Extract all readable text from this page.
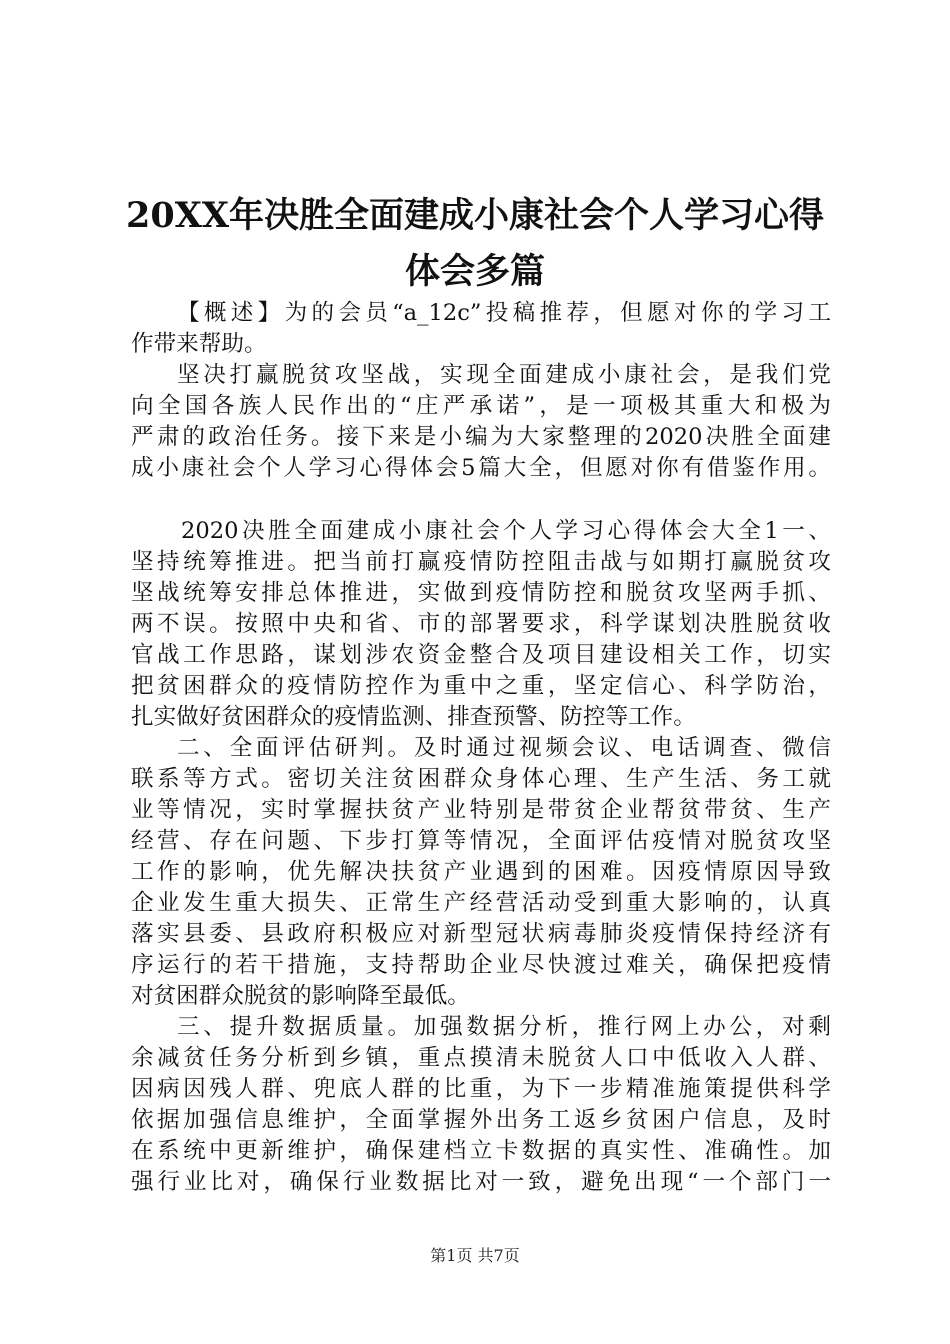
20XX年决胜全面建成小康社会个人学习心得
体会多篇
【概述】为的会员“a_12c”投稿推荐，但愿对你的学习工
作带来帮助。
坚决打赢脱贫攻坚战，实现全面建成小康社会，是我们党
向全国各族人民作出的“庄严承诺”，是一项极其重大和极为
严肃的政治任务。接下来是小编为大家整理的2020决胜全面建
成小康社会个人学习心得体会5篇大全，但愿对你有借鉴作用。
2020决胜全面建成小康社会个人学习心得体会大全1一、
坚持统筹推进。把当前打赢疫情防控阻击战与如期打赢脱贫攻
坚战统筹安排总体推进，实做到疫情防控和脱贫攻坚两手抓、
两不误。按照中央和省、市的部署要求，科学谋划决胜脱贫收
官战工作思路，谋划涉农资金整合及项目建设相关工作，切实
把贫困群众的疫情防控作为重中之重，坚定信心、科学防治，
扎实做好贫困群众的疫情监测、排查预警、防控等工作。
二、全面评估研判。及时通过视频会议、电话调查、微信
联系等方式。密切关注贫困群众身体心理、生产生活、务工就
业等情况，实时掌握扶贫产业特别是带贫企业帮贫带贫、生产
经营、存在问题、下步打算等情况，全面评估疫情对脱贫攻坚
工作的影响，优先解决扶贫产业遇到的困难。因疫情原因导致
企业发生重大损失、正常生产经营活动受到重大影响的，认真
落实县委、县政府积极应对新型冠状病毒肺炎疫情保持经济有
序运行的若干措施，支持帮助企业尽快渡过难关，确保把疫情
对贫困群众脱贫的影响降至最低。
三、提升数据质量。加强数据分析，推行网上办公，对剩
余减贫任务分析到乡镇，重点摸清未脱贫人口中低收入人群、
因病因残人群、兜底人群的比重，为下一步精准施策提供科学
依据加强信息维护，全面掌握外出务工返乡贫困户信息，及时
在系统中更新维护，确保建档立卡数据的真实性、准确性。加
强行业比对，确保行业数据比对一致，避免出现“一个部门一
第1页 共7页
